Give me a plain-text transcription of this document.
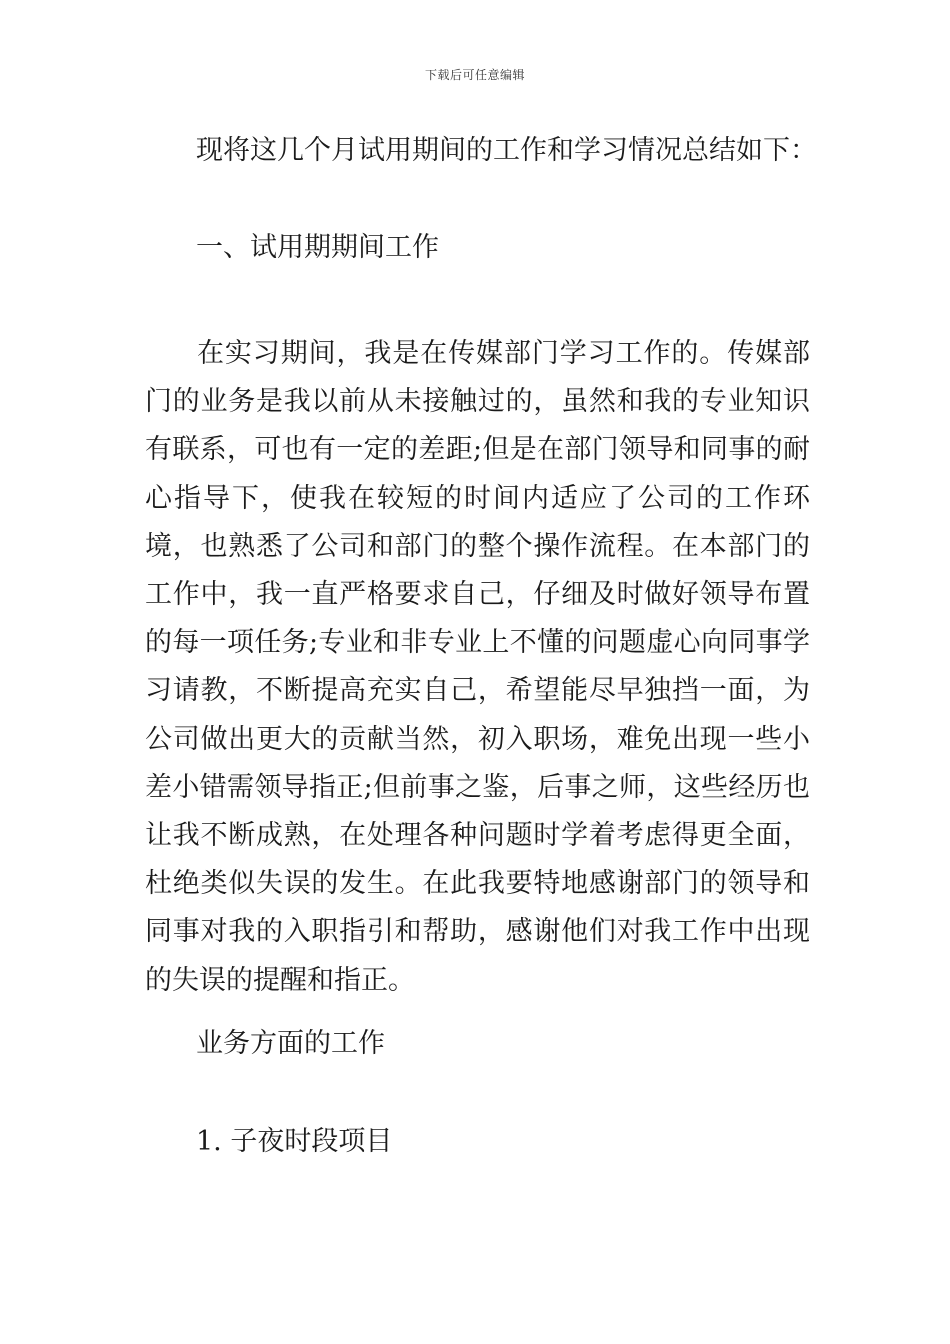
下载后可任意编辑
现将这几个月试用期间的工作和学习情况总结如下：
一、试用期期间工作

在实习期间，我是在传媒部门学习工作的。传媒部门的业务是我以前从未接触过的，虽然和我的专业知识有联系，可也有一定的差距;但是在部门领导和同事的耐心指导下，使我在较短的时间内适应了公司的工作环境，也熟悉了公司和部门的整个操作流程。在本部门的工作中，我一直严格要求自己，仔细及时做好领导布置的每一项任务;专业和非专业上不懂的问题虚心向同事学习请教，不断提高充实自己，希望能尽早独挡一面，为公司做出更大的贡献当然，初入职场，难免出现一些小差小错需领导指正;但前事之鉴，后事之师，这些经历也让我不断成熟，在处理各种问题时学着考虑得更全面，杜绝类似失误的发生。在此我要特地感谢部门的领导和同事对我的入职指引和帮助，感谢他们对我工作中出现的失误的提醒和指正。

业务方面的工作
1. 子夜时段项目
